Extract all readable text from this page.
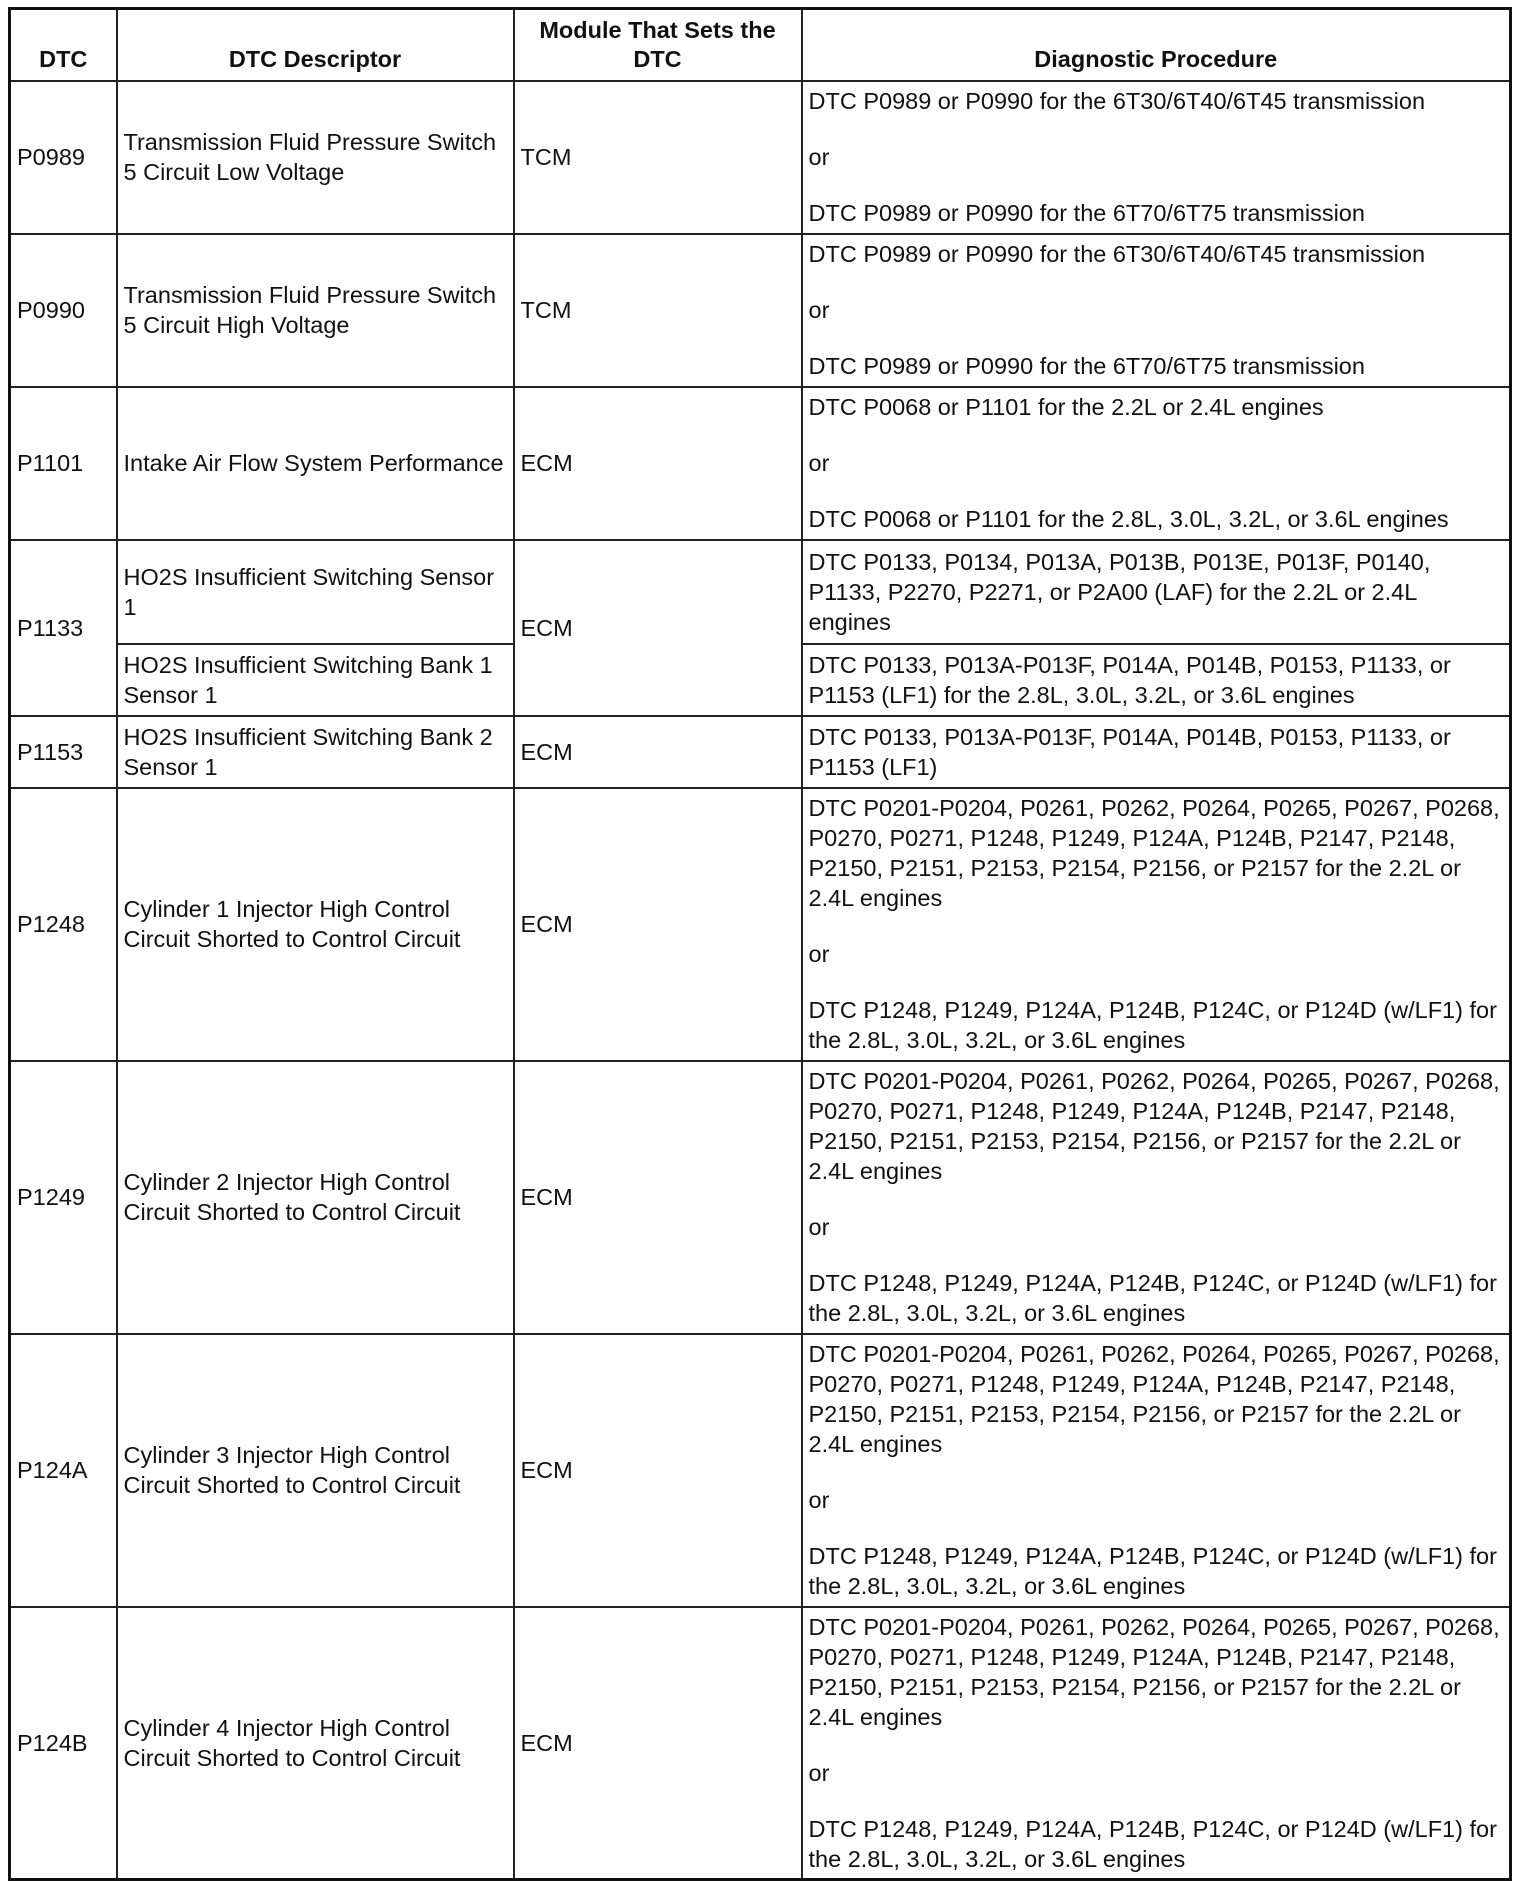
DTC	DTC Descriptor	Module That Sets the DTC	Diagnostic Procedure
P0989	Transmission Fluid Pressure Switch 5 Circuit Low Voltage	TCM	DTC P0989 or P0990 for the 6T30/6T40/6T45 transmission
or
DTC P0989 or P0990 for the 6T70/6T75 transmission

P0990	Transmission Fluid Pressure Switch 5 Circuit High Voltage	TCM	DTC P0989 or P0990 for the 6T30/6T40/6T45 transmission
or
DTC P0989 or P0990 for the 6T70/6T75 transmission

P1101	Intake Air Flow System Performance	ECM	DTC P0068 or P1101 for the 2.2L or 2.4L engines
or
DTC P0068 or P1101 for the 2.8L, 3.0L, 3.2L, or 3.6L engines

P1133	HO2S Insufficient Switching Sensor 1	ECM	DTC P0133, P0134, P013A, P013B, P013E, P013F, P0140, P1133, P2270, P2271, or P2A00 (LAF) for the 2.2L or 2.4L engines
	HO2S Insufficient Switching Bank 1 Sensor 1		DTC P0133, P013A-P013F, P014A, P014B, P0153, P1133, or P1153 (LF1) for the 2.8L, 3.0L, 3.2L, or 3.6L engines
P1153	HO2S Insufficient Switching Bank 2 Sensor 1	ECM	DTC P0133, P013A-P013F, P014A, P014B, P0153, P1133, or P1153 (LF1)
P1248	Cylinder 1 Injector High Control Circuit Shorted to Control Circuit	ECM	DTC P0201-P0204, P0261, P0262, P0264, P0265, P0267, P0268, P0270, P0271, P1248, P1249, P124A, P124B, P2147, P2148, P2150, P2151, P2153, P2154, P2156, or P2157 for the 2.2L or 2.4L engines
or
DTC P1248, P1249, P124A, P124B, P124C, or P124D (w/LF1) for the 2.8L, 3.0L, 3.2L, or 3.6L engines

P1249	Cylinder 2 Injector High Control Circuit Shorted to Control Circuit	ECM	DTC P0201-P0204, P0261, P0262, P0264, P0265, P0267, P0268, P0270, P0271, P1248, P1249, P124A, P124B, P2147, P2148, P2150, P2151, P2153, P2154, P2156, or P2157 for the 2.2L or 2.4L engines
or
DTC P1248, P1249, P124A, P124B, P124C, or P124D (w/LF1) for the 2.8L, 3.0L, 3.2L, or 3.6L engines

P124A	Cylinder 3 Injector High Control Circuit Shorted to Control Circuit	ECM	DTC P0201-P0204, P0261, P0262, P0264, P0265, P0267, P0268, P0270, P0271, P1248, P1249, P124A, P124B, P2147, P2148, P2150, P2151, P2153, P2154, P2156, or P2157 for the 2.2L or 2.4L engines
or
DTC P1248, P1249, P124A, P124B, P124C, or P124D (w/LF1) for the 2.8L, 3.0L, 3.2L, or 3.6L engines

P124B	Cylinder 4 Injector High Control Circuit Shorted to Control Circuit	ECM	DTC P0201-P0204, P0261, P0262, P0264, P0265, P0267, P0268, P0270, P0271, P1248, P1249, P124A, P124B, P2147, P2148, P2150, P2151, P2153, P2154, P2156, or P2157 for the 2.2L or 2.4L engines
or
DTC P1248, P1249, P124A, P124B, P124C, or P124D (w/LF1) for the 2.8L, 3.0L, 3.2L, or 3.6L engines
